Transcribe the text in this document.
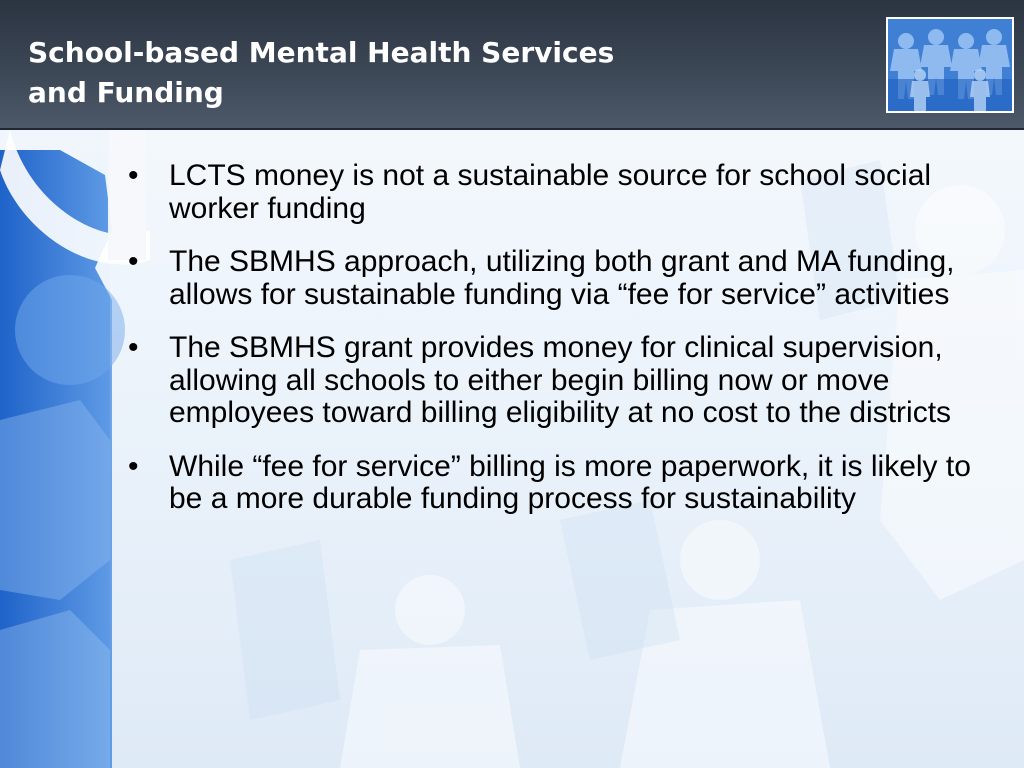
School-based Mental Health Services
and Funding
• LCTS money is not a sustainable source for school social worker funding
• The SBMHS approach, utilizing both grant and MA funding, allows for sustainable funding via “fee for service” activities
• The SBMHS grant provides money for clinical supervision, allowing all schools to either begin billing now or move employees toward billing eligibility at no cost to the districts
• While “fee for service” billing is more paperwork, it is likely to be a more durable funding process for sustainability
